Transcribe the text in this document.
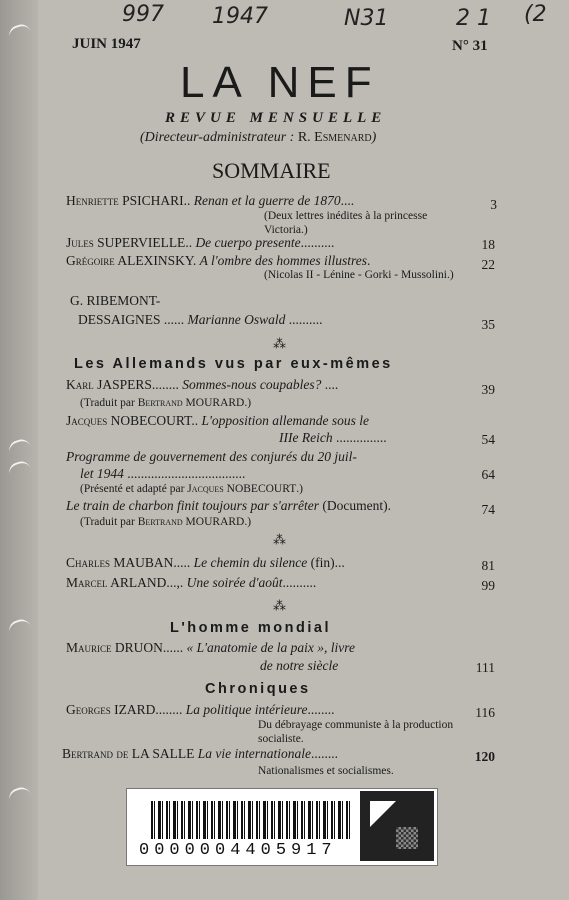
997 1947	N31	2 1 (2
JUIN 1947	N° 31
LA NEF
REVUE MENSUELLE
(Directeur-administrateur : R. Esmenard)
SOMMAIRE
Henriette PSICHARI.. Renan et la guerre de 1870....	3
(Deux lettres inédites à la princesse Victoria.)
Jules SUPERVIELLE.. De cuerpo presente..........	18
Grégoire ALEXINSKY. A l'ombre des hommes illustres.	22
(Nicolas II - Lénine - Gorki - Mussolini.)
G. RIBEMONT-
DESSAIGNES ...... Marianne Oswald ..........	35
⁂
Les Allemands vus par eux-mêmes
Karl JASPERS........ Sommes-nous coupables? ....	39
(Traduit par Bertrand MOURARD.)
Jacques NOBECOURT.. L'opposition allemande sous le
IIIe Reich ...............	54
Programme de gouvernement des conjurés du 20 juil-
let 1944 ...................................	64
(Présenté et adapté par Jacques NOBECOURT.)
Le train de charbon finit toujours par s'arrêter (Document).	74
(Traduit par Bertrand MOURARD.)
⁂
Charles MAUBAN..... Le chemin du silence (fin)...	81
Marcel ARLAND...,. Une soirée d'août..........	99
⁂
L'homme mondial
Maurice DRUON...... « L'anatomie de la paix », livre
de notre siècle	111
Chroniques
Georges IZARD........ La politique intérieure........	116
Du débrayage communiste à la production socialiste.
Bertrand de LA SALLE La vie internationale........	120
Nationalismes et socialismes.
0000004405917
